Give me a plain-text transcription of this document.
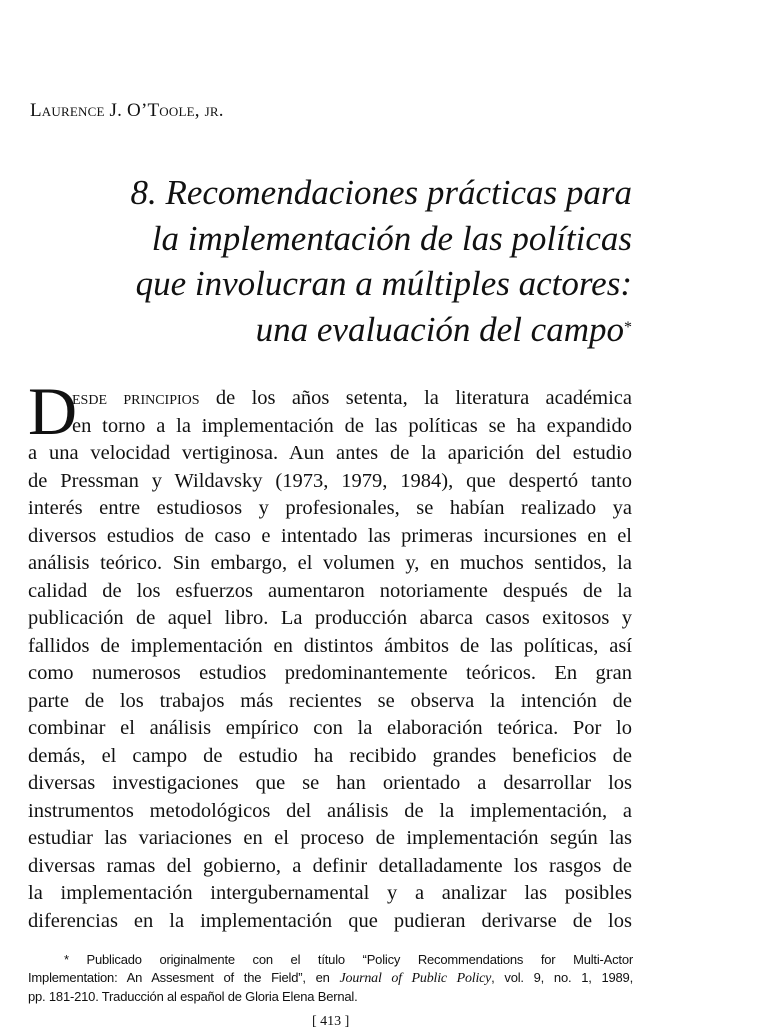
Laurence J. O’Toole, jr.
8. Recomendaciones prácticas para
la implementación de las políticas
que involucran a múltiples actores:
una evaluación del campo*
D
esde principios de los años setenta, la literatura académica
en torno a la implementación de las políticas se ha expandido
a una velocidad vertiginosa. Aun antes de la aparición del estudio
de Pressman y Wildavsky (1973, 1979, 1984), que despertó tanto
interés entre estudiosos y profesionales, se habían realizado ya
diversos estudios de caso e intentado las primeras incursiones en el
análisis teórico. Sin embargo, el volumen y, en muchos sentidos, la
calidad de los esfuerzos aumentaron notoriamente después de la
publicación de aquel libro. La producción abarca casos exitosos y
fallidos de implementación en distintos ámbitos de las políticas, así
como numerosos estudios predominantemente teóricos. En gran
parte de los trabajos más recientes se observa la intención de
combinar el análisis empírico con la elaboración teórica. Por lo
demás, el campo de estudio ha recibido grandes beneficios de
diversas investigaciones que se han orientado a desarrollar los
instrumentos metodológicos del análisis de la implementación, a
estudiar las variaciones en el proceso de implementación según las
diversas ramas del gobierno, a definir detalladamente los rasgos de
la implementación intergubernamental y a analizar las posibles
diferencias en la implementación que pudieran derivarse de los
* Publicado originalmente con el título “Policy Recommendations for Multi-Actor
Implementation: An Assesment of the Field”, en Journal of Public Policy, vol. 9, no. 1, 1989,
pp. 181-210. Traducción al español de Gloria Elena Bernal.
[ 413 ]
